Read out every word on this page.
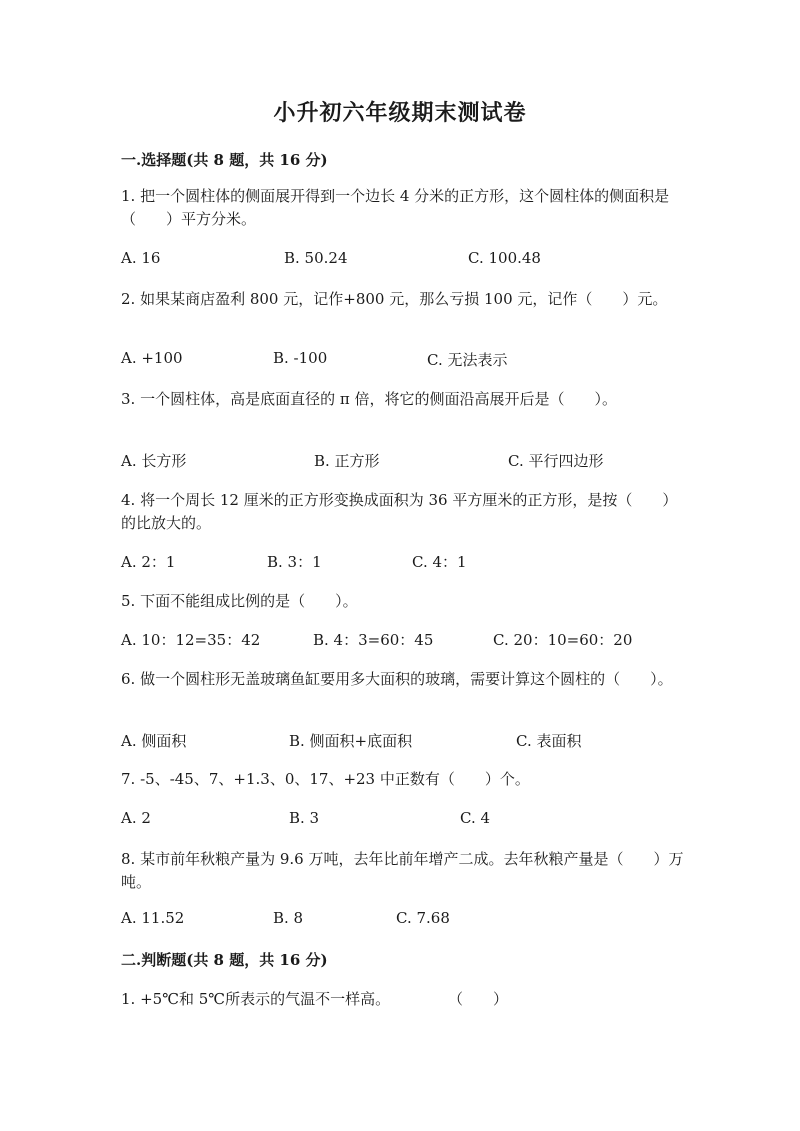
小升初六年级期末测试卷
一.选择题(共 8 题，共 16 分)
1. 把一个圆柱体的侧面展开得到一个边长 4 分米的正方形，这个圆柱体的侧面积是（　　）平方分米。
A. 16	B. 50.24	C. 100.48
2. 如果某商店盈利 800 元，记作+800 元，那么亏损 100 元，记作（　　）元。
A. +100	B. -100	C. 无法表示
3. 一个圆柱体，高是底面直径的 π 倍，将它的侧面沿高展开后是（　　）。
A. 长方形	B. 正方形	C. 平行四边形
4. 将一个周长 12 厘米的正方形变换成面积为 36 平方厘米的正方形，是按（　　）的比放大的。
A. 2：1	B. 3：1	C. 4：1
5. 下面不能组成比例的是（　　）。
A. 10：12=35：42	B. 4：3=60：45	C. 20：10=60：20
6. 做一个圆柱形无盖玻璃鱼缸要用多大面积的玻璃，需要计算这个圆柱的（　　）。
A. 侧面积	B. 侧面积+底面积	C. 表面积
7. -5、-45、7、+1.3、0、17、+23 中正数有（　　）个。
A. 2	B. 3	C. 4
8. 某市前年秋粮产量为 9.6 万吨，去年比前年增产二成。去年秋粮产量是（　　）万吨。
A. 11.52	B. 8	C. 7.68
二.判断题(共 8 题，共 16 分)
1. +5℃和 5℃所表示的气温不一样高。	（　　）
